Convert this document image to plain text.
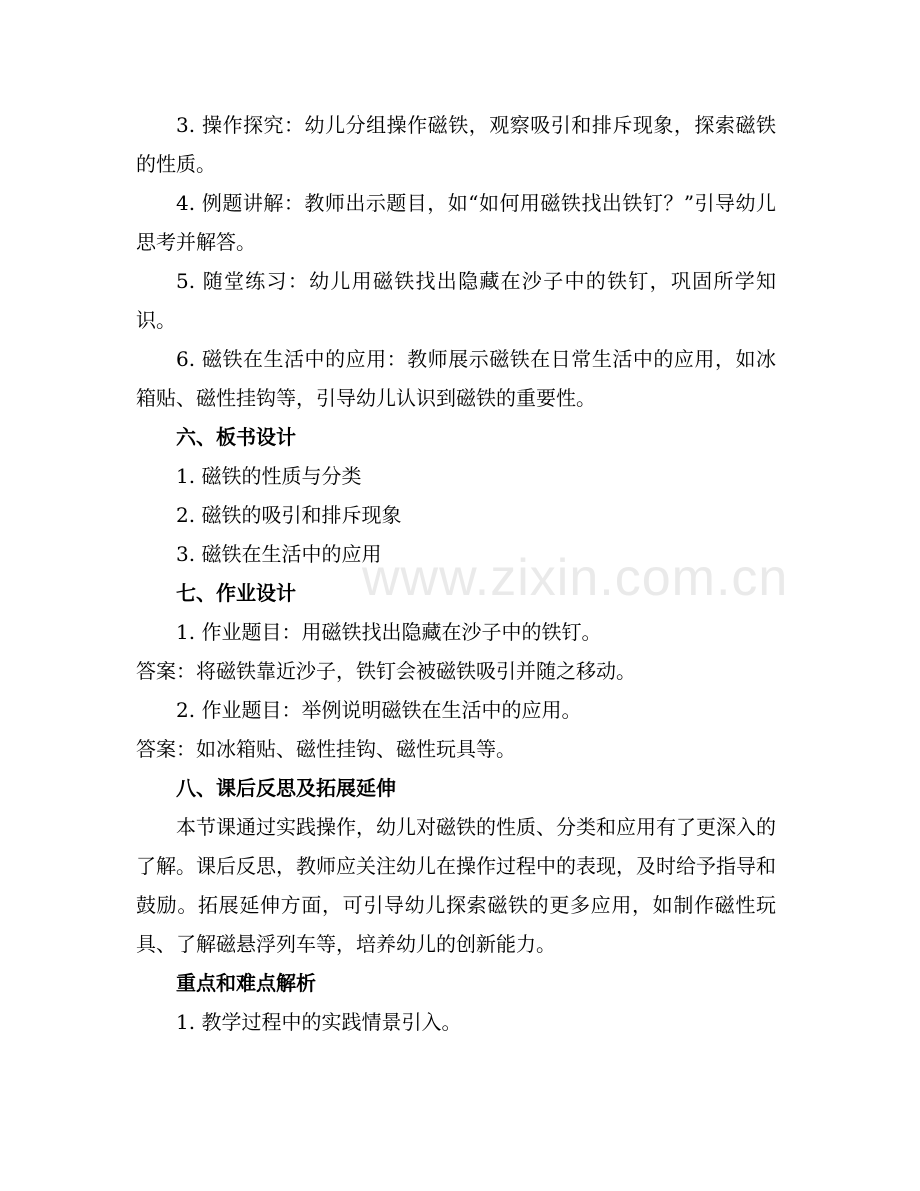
3. 操作探究：幼儿分组操作磁铁，观察吸引和排斥现象，探索磁铁的性质。

4. 例题讲解：教师出示题目，如“如何用磁铁找出铁钉？”引导幼儿思考并解答。

5. 随堂练习：幼儿用磁铁找出隐藏在沙子中的铁钉，巩固所学知识。

6. 磁铁在生活中的应用：教师展示磁铁在日常生活中的应用，如冰箱贴、磁性挂钩等，引导幼儿认识到磁铁的重要性。

六、板书设计

1. 磁铁的性质与分类

2. 磁铁的吸引和排斥现象

3. 磁铁在生活中的应用

七、作业设计

1. 作业题目：用磁铁找出隐藏在沙子中的铁钉。

答案：将磁铁靠近沙子，铁钉会被磁铁吸引并随之移动。

2. 作业题目：举例说明磁铁在生活中的应用。

答案：如冰箱贴、磁性挂钩、磁性玩具等。

八、课后反思及拓展延伸

本节课通过实践操作，幼儿对磁铁的性质、分类和应用有了更深入的了解。课后反思，教师应关注幼儿在操作过程中的表现，及时给予指导和鼓励。拓展延伸方面，可引导幼儿探索磁铁的更多应用，如制作磁性玩具、了解磁悬浮列车等，培养幼儿的创新能力。

重点和难点解析

1. 教学过程中的实践情景引入。

www.zixin.com.cn
